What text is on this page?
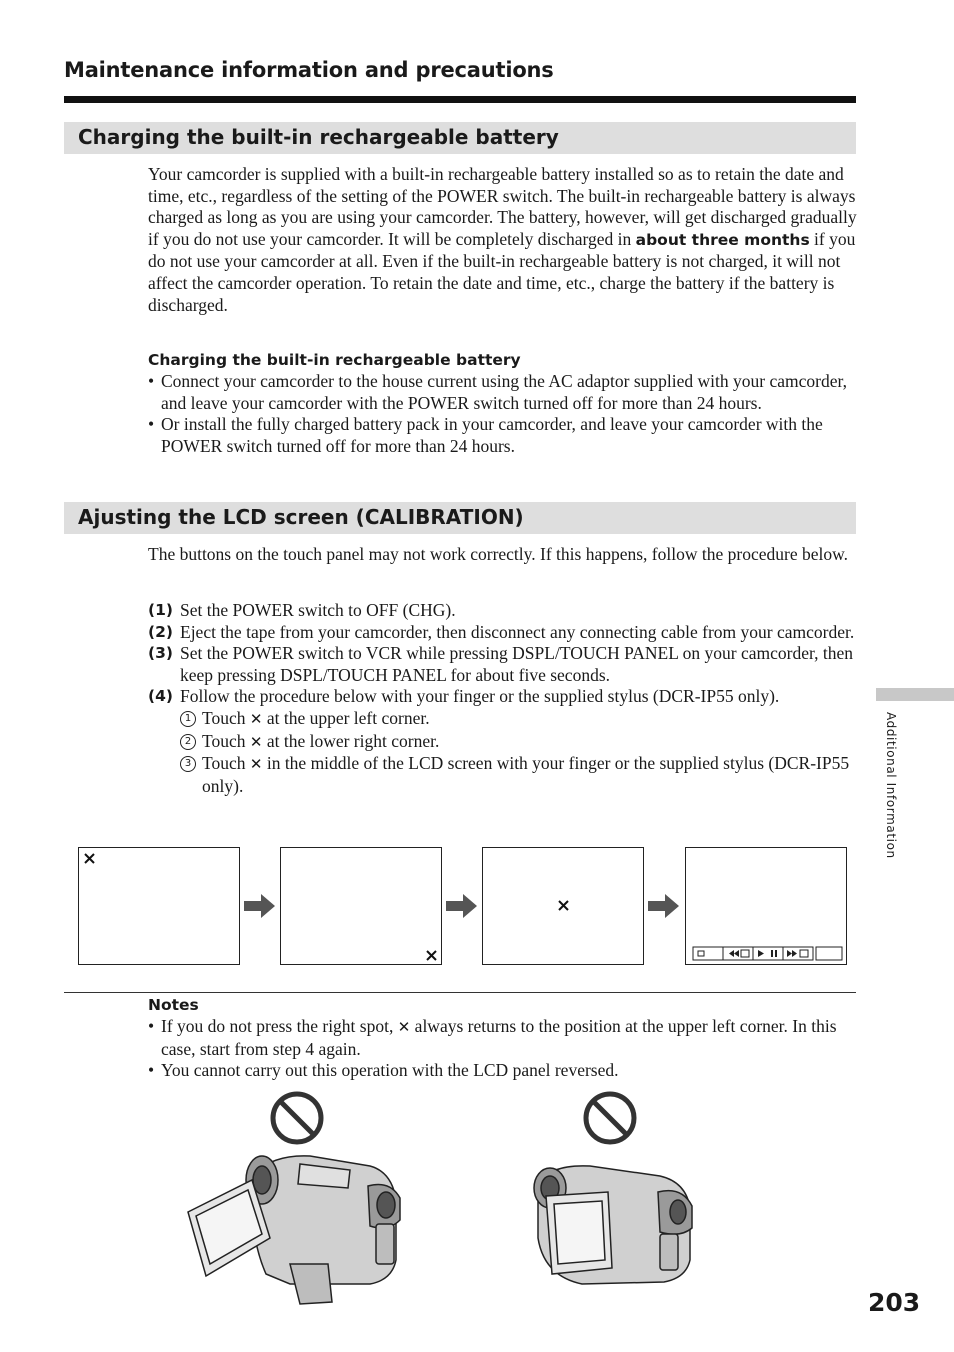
Maintenance information and precautions
Charging the built-in rechargeable battery

Your camcorder is supplied with a built-in rechargeable battery installed so as to retain the date and time, etc., regardless of the setting of the POWER switch. The built-in rechargeable battery is always charged as long as you are using your camcorder. The battery, however, will get discharged gradually if you do not use your camcorder. It will be completely discharged in about three months if you do not use your camcorder at all. Even if the built-in rechargeable battery is not charged, it will not affect the camcorder operation. To retain the date and time, etc., charge the battery if the battery is discharged.

Charging the built-in rechargeable battery
• Connect your camcorder to the house current using the AC adaptor supplied with your camcorder, and leave your camcorder with the POWER switch turned off for more than 24 hours.
• Or install the fully charged battery pack in your camcorder, and leave your camcorder with the POWER switch turned off for more than 24 hours.
Ajusting the LCD screen (CALIBRATION)
The buttons on the touch panel may not work correctly. If this happens, follow the procedure below.
(1) Set the POWER switch to OFF (CHG).
(2) Eject the tape from your camcorder, then disconnect any connecting cable from your camcorder.
(3) Set the POWER switch to VCR while pressing DSPL/TOUCH PANEL on your camcorder, then keep pressing DSPL/TOUCH PANEL for about five seconds.
(4) Follow the procedure below with your finger or the supplied stylus (DCR-IP55 only).
1 Touch ✕ at the upper left corner.
2 Touch ✕ at the lower right corner.
3 Touch ✕ in the middle of the LCD screen with your finger or the supplied stylus (DCR-IP55 only).
Notes
• If you do not press the right spot, ✕ always returns to the position at the upper left corner. In this case, start from step 4 again.
• You cannot carry out this operation with the LCD panel reversed.
Additional Information
203
